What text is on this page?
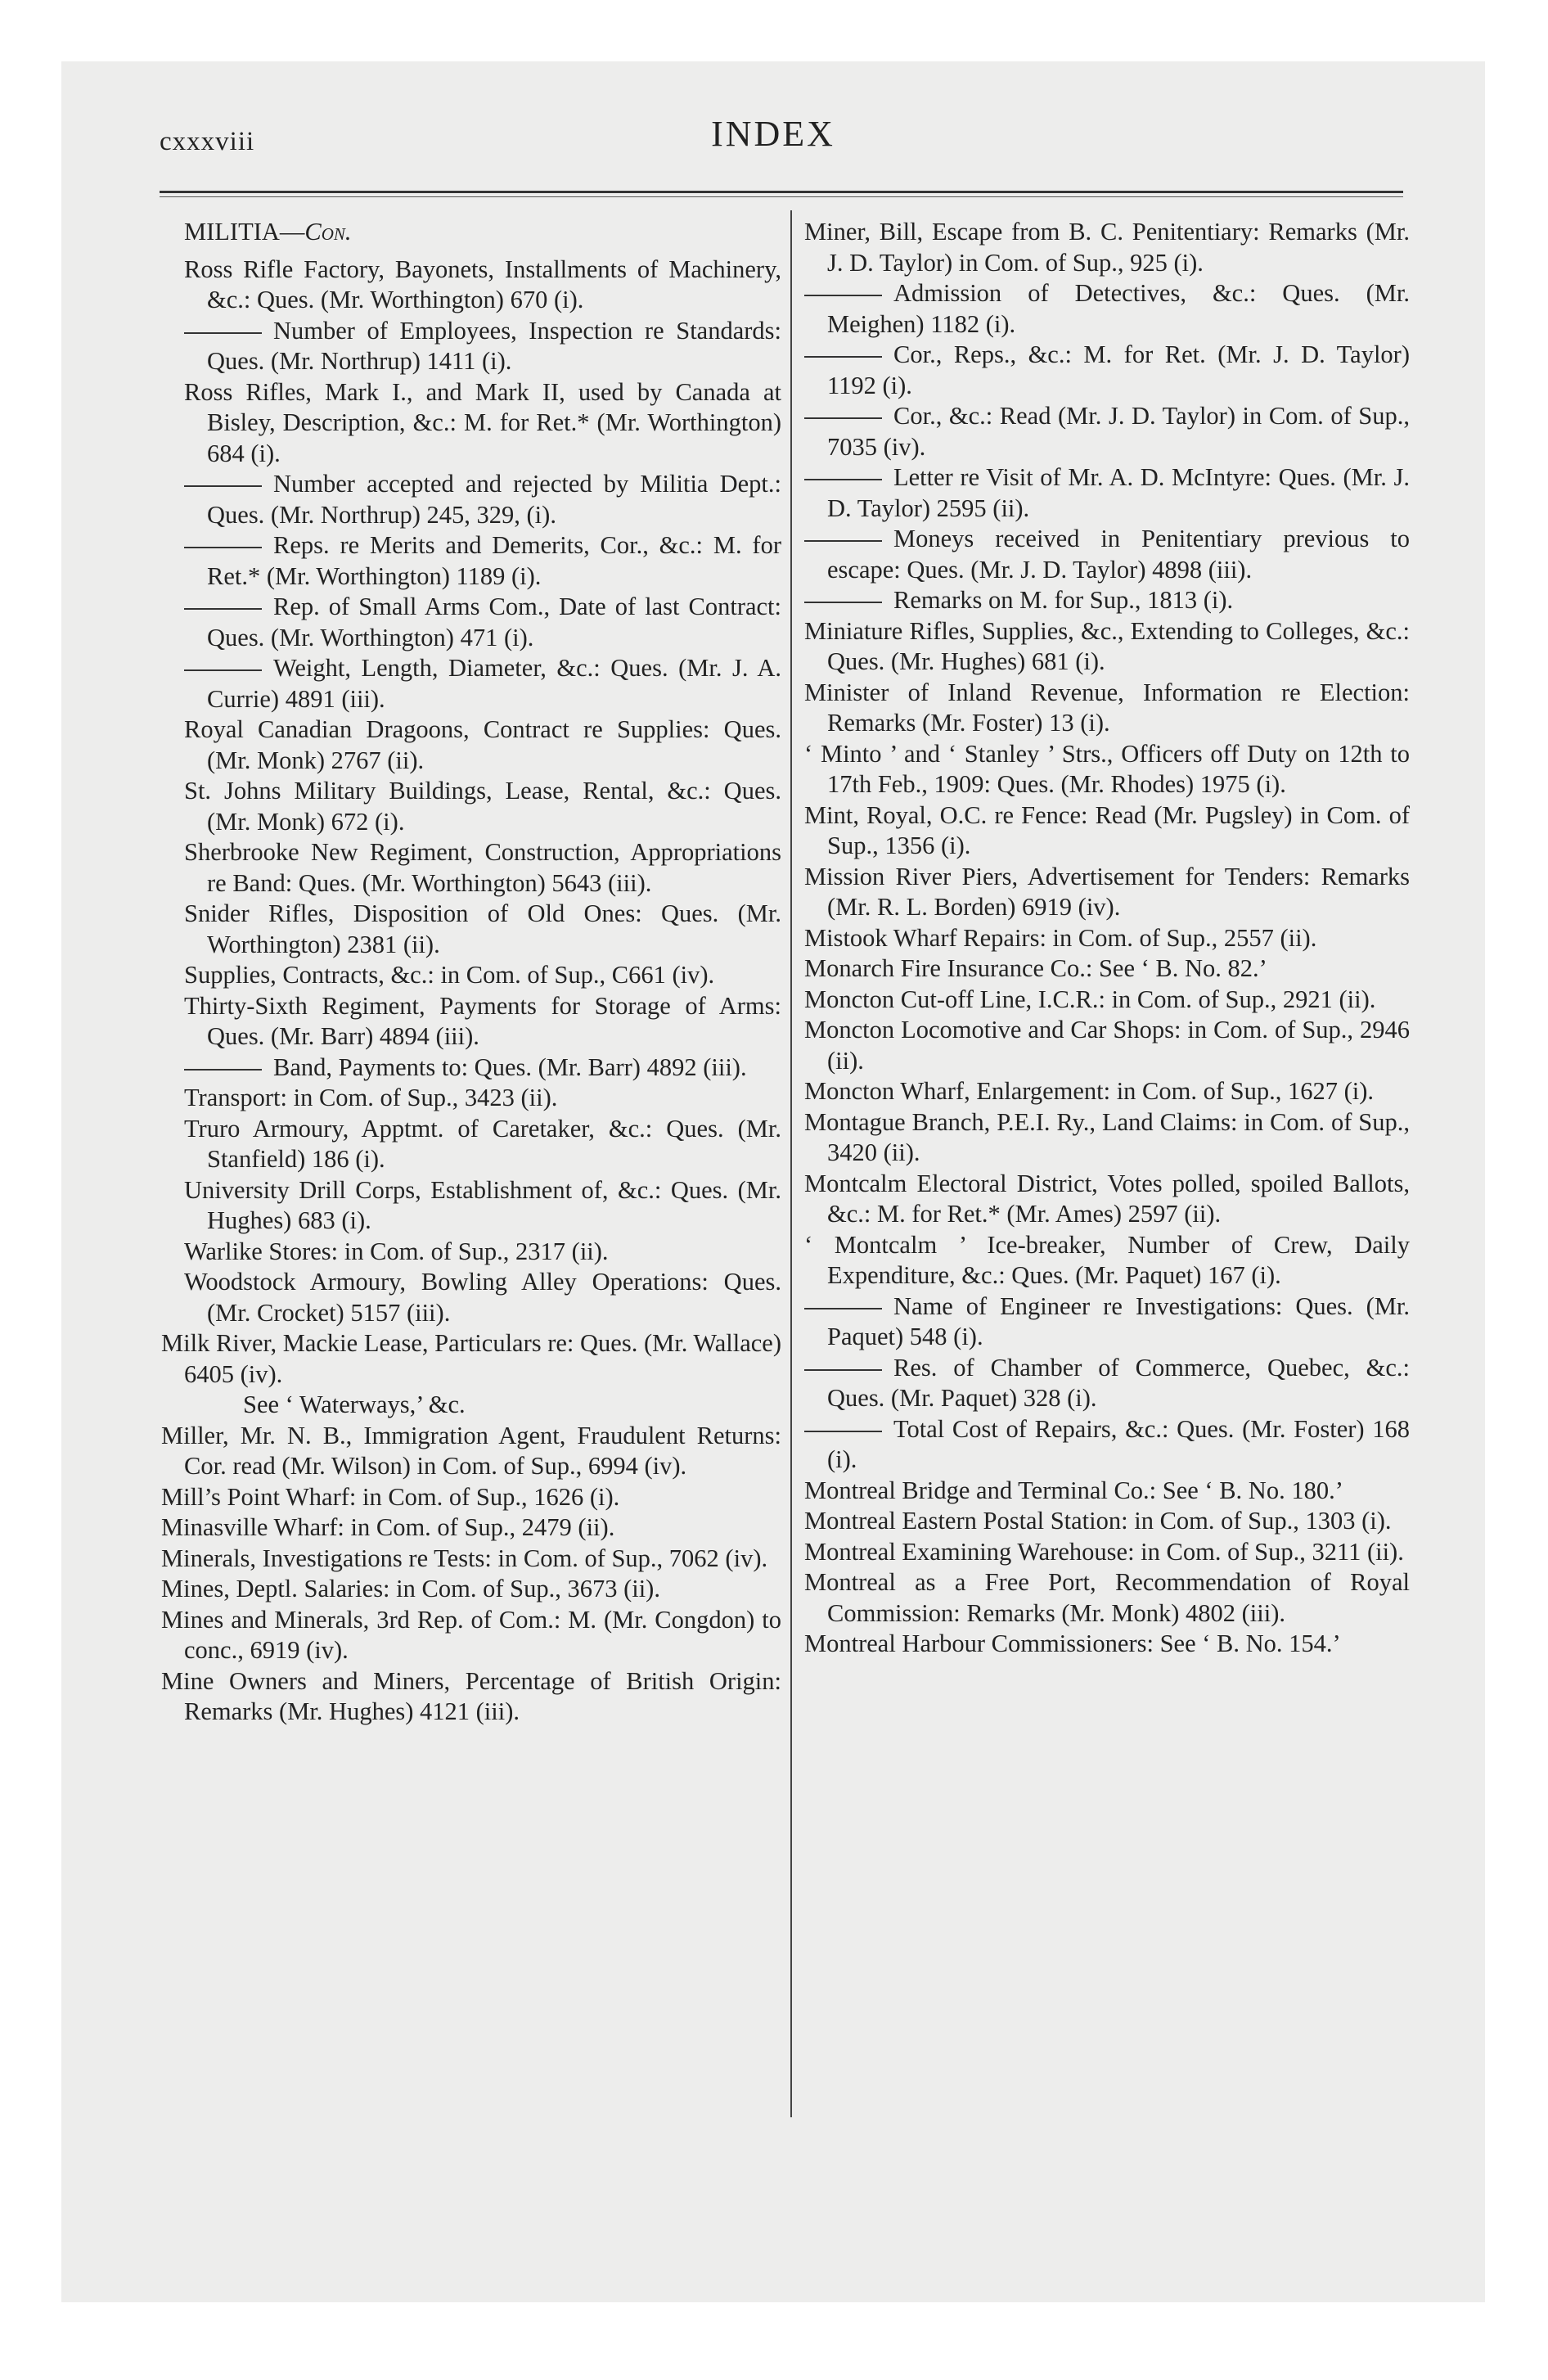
cxxxviii	INDEX

MILITIA—Con.

Ross Rifle Factory, Bayonets, Installments of Machinery, &c.: Ques. (Mr. Worthington) 670 (i).

Number of Employees, Inspection re Standards: Ques. (Mr. Northrup) 1411 (i).

Ross Rifles, Mark I., and Mark II, used by Canada at Bisley, Description, &c.: M. for Ret.* (Mr. Worthington) 684 (i).

Number accepted and rejected by Militia Dept.: Ques. (Mr. Northrup) 245, 329, (i).

Reps. re Merits and Demerits, Cor., &c.: M. for Ret.* (Mr. Worthington) 1189 (i).

Rep. of Small Arms Com., Date of last Contract: Ques. (Mr. Worthington) 471 (i).

Weight, Length, Diameter, &c.: Ques. (Mr. J. A. Currie) 4891 (iii).

Royal Canadian Dragoons, Contract re Supplies: Ques. (Mr. Monk) 2767 (ii).

St. Johns Military Buildings, Lease, Rental, &c.: Ques. (Mr. Monk) 672 (i).

Sherbrooke New Regiment, Construction, Appropriations re Band: Ques. (Mr. Worthington) 5643 (iii).

Snider Rifles, Disposition of Old Ones: Ques. (Mr. Worthington) 2381 (ii).

Supplies, Contracts, &c.: in Com. of Sup., C661 (iv).

Thirty-Sixth Regiment, Payments for Storage of Arms: Ques. (Mr. Barr) 4894 (iii).

Band, Payments to: Ques. (Mr. Barr) 4892 (iii).

Transport: in Com. of Sup., 3423 (ii).

Truro Armoury, Apptmt. of Caretaker, &c.: Ques. (Mr. Stanfield) 186 (i).

University Drill Corps, Establishment of, &c.: Ques. (Mr. Hughes) 683 (i).

Warlike Stores: in Com. of Sup., 2317 (ii).

Woodstock Armoury, Bowling Alley Operations: Ques. (Mr. Crocket) 5157 (iii).

Milk River, Mackie Lease, Particulars re: Ques. (Mr. Wallace) 6405 (iv).

See ‘ Waterways,’ &c.

Miller, Mr. N. B., Immigration Agent, Fraudulent Returns: Cor. read (Mr. Wilson) in Com. of Sup., 6994 (iv).

Mill’s Point Wharf: in Com. of Sup., 1626 (i).

Minasville Wharf: in Com. of Sup., 2479 (ii).

Minerals, Investigations re Tests: in Com. of Sup., 7062 (iv).

Mines, Deptl. Salaries: in Com. of Sup., 3673 (ii).

Mines and Minerals, 3rd Rep. of Com.: M. (Mr. Congdon) to conc., 6919 (iv).

Mine Owners and Miners, Percentage of British Origin: Remarks (Mr. Hughes) 4121 (iii).

Miner, Bill, Escape from B. C. Penitentiary: Remarks (Mr. J. D. Taylor) in Com. of Sup., 925 (i).

Admission of Detectives, &c.: Ques. (Mr. Meighen) 1182 (i).

Cor., Reps., &c.: M. for Ret. (Mr. J. D. Taylor) 1192 (i).

Cor., &c.: Read (Mr. J. D. Taylor) in Com. of Sup., 7035 (iv).

Letter re Visit of Mr. A. D. McIntyre: Ques. (Mr. J. D. Taylor) 2595 (ii).

Moneys received in Penitentiary previous to escape: Ques. (Mr. J. D. Taylor) 4898 (iii).

Remarks on M. for Sup., 1813 (i).

Miniature Rifles, Supplies, &c., Extending to Colleges, &c.: Ques. (Mr. Hughes) 681 (i).

Minister of Inland Revenue, Information re Election: Remarks (Mr. Foster) 13 (i).

‘ Minto ’ and ‘ Stanley ’ Strs., Officers off Duty on 12th to 17th Feb., 1909: Ques. (Mr. Rhodes) 1975 (i).

Mint, Royal, O.C. re Fence: Read (Mr. Pugsley) in Com. of Sup., 1356 (i).

Mission River Piers, Advertisement for Tenders: Remarks (Mr. R. L. Borden) 6919 (iv).

Mistook Wharf Repairs: in Com. of Sup., 2557 (ii).

Monarch Fire Insurance Co.: See ‘ B. No. 82.’

Moncton Cut-off Line, I.C.R.: in Com. of Sup., 2921 (ii).

Moncton Locomotive and Car Shops: in Com. of Sup., 2946 (ii).

Moncton Wharf, Enlargement: in Com. of Sup., 1627 (i).

Montague Branch, P.E.I. Ry., Land Claims: in Com. of Sup., 3420 (ii).

Montcalm Electoral District, Votes polled, spoiled Ballots, &c.: M. for Ret.* (Mr. Ames) 2597 (ii).

‘ Montcalm ’ Ice-breaker, Number of Crew, Daily Expenditure, &c.: Ques. (Mr. Paquet) 167 (i).

Name of Engineer re Investigations: Ques. (Mr. Paquet) 548 (i).

Res. of Chamber of Commerce, Quebec, &c.: Ques. (Mr. Paquet) 328 (i).

Total Cost of Repairs, &c.: Ques. (Mr. Foster) 168 (i).

Montreal Bridge and Terminal Co.: See ‘ B. No. 180.’

Montreal Eastern Postal Station: in Com. of Sup., 1303 (i).

Montreal Examining Warehouse: in Com. of Sup., 3211 (ii).

Montreal as a Free Port, Recommendation of Royal Commission: Remarks (Mr. Monk) 4802 (iii).

Montreal Harbour Commissioners: See ‘ B. No. 154.’
